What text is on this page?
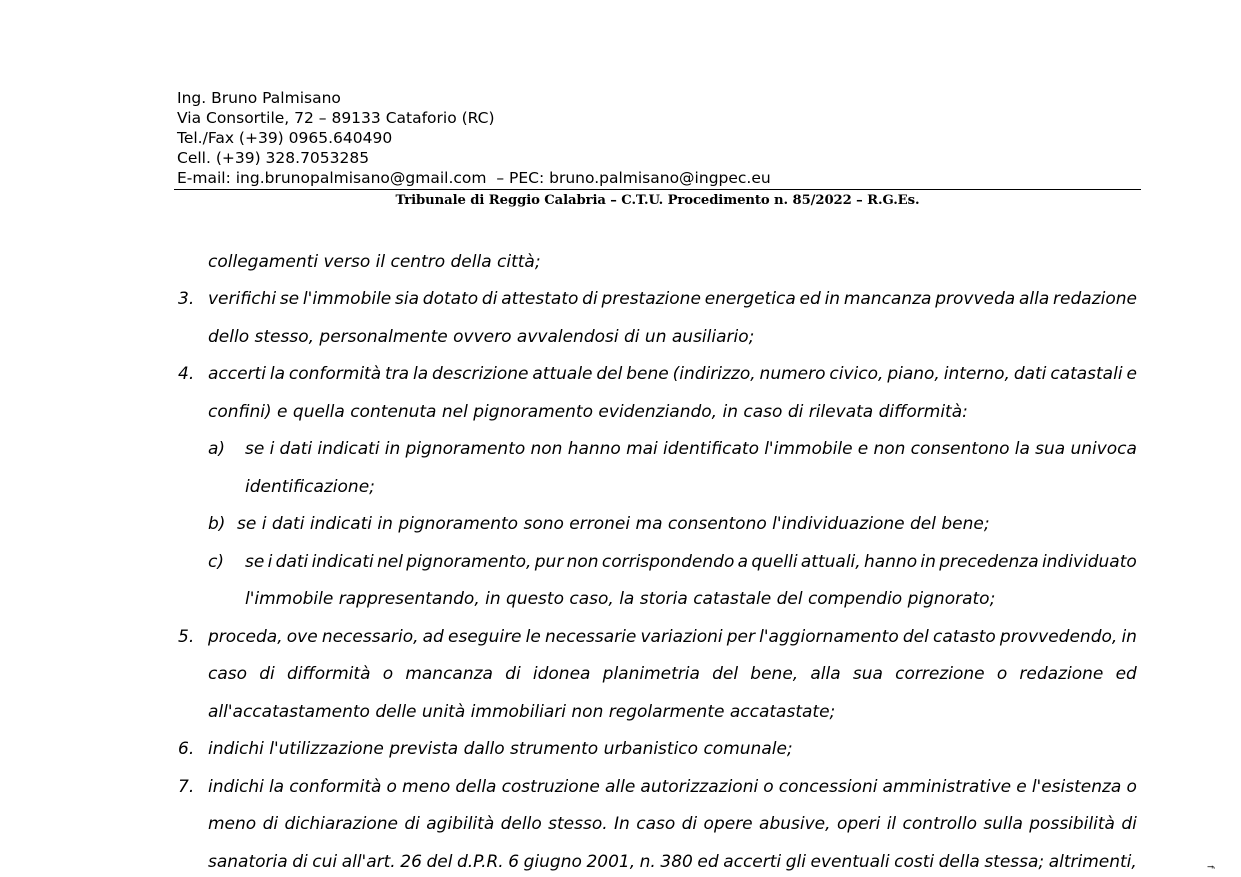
Ing. Bruno Palmisano
Via Consortile, 72 – 89133 Cataforio (RC)
Tel./Fax (+39) 0965.640490
Cell. (+39) 328.7053285
E-mail: ing.brunopalmisano@gmail.com  – PEC: bruno.palmisano@ingpec.eu
Tribunale di Reggio Calabria – C.T.U. Procedimento n. 85/2022 – R.G.Es.
collegamenti verso il centro della città;
3. verifichi se l'immobile sia dotato di attestato di prestazione energetica ed in mancanza provveda alla redazione
dello stesso, personalmente ovvero avvalendosi di un ausiliario;
4. accerti la conformità tra la descrizione attuale del bene (indirizzo, numero civico, piano, interno, dati catastali e
confini) e quella contenuta nel pignoramento evidenziando, in caso di rilevata difformità:
a) se i dati indicati in pignoramento non hanno mai identificato l'immobile e non consentono la sua univoca
identificazione;
b) se i dati indicati in pignoramento sono erronei ma consentono l'individuazione del bene;
c) se i dati indicati nel pignoramento, pur non corrispondendo a quelli attuali, hanno in precedenza individuato
l'immobile rappresentando, in questo caso, la storia catastale del compendio pignorato;
5. proceda, ove necessario, ad eseguire le necessarie variazioni per l'aggiornamento del catasto provvedendo, in
caso di difformità o mancanza di idonea planimetria del bene, alla sua correzione o redazione ed
all'accatastamento delle unità immobiliari non regolarmente accatastate;
6. indichi l'utilizzazione prevista dallo strumento urbanistico comunale;
7. indichi la conformità o meno della costruzione alle autorizzazioni o concessioni amministrative e l'esistenza o
meno di dichiarazione di agibilità dello stesso. In caso di opere abusive, operi il controllo sulla possibilità di
sanatoria di cui all'art. 26 del d.P.R. 6 giugno 2001, n. 380 ed accerti gli eventuali costi della stessa; altrimenti,	f
